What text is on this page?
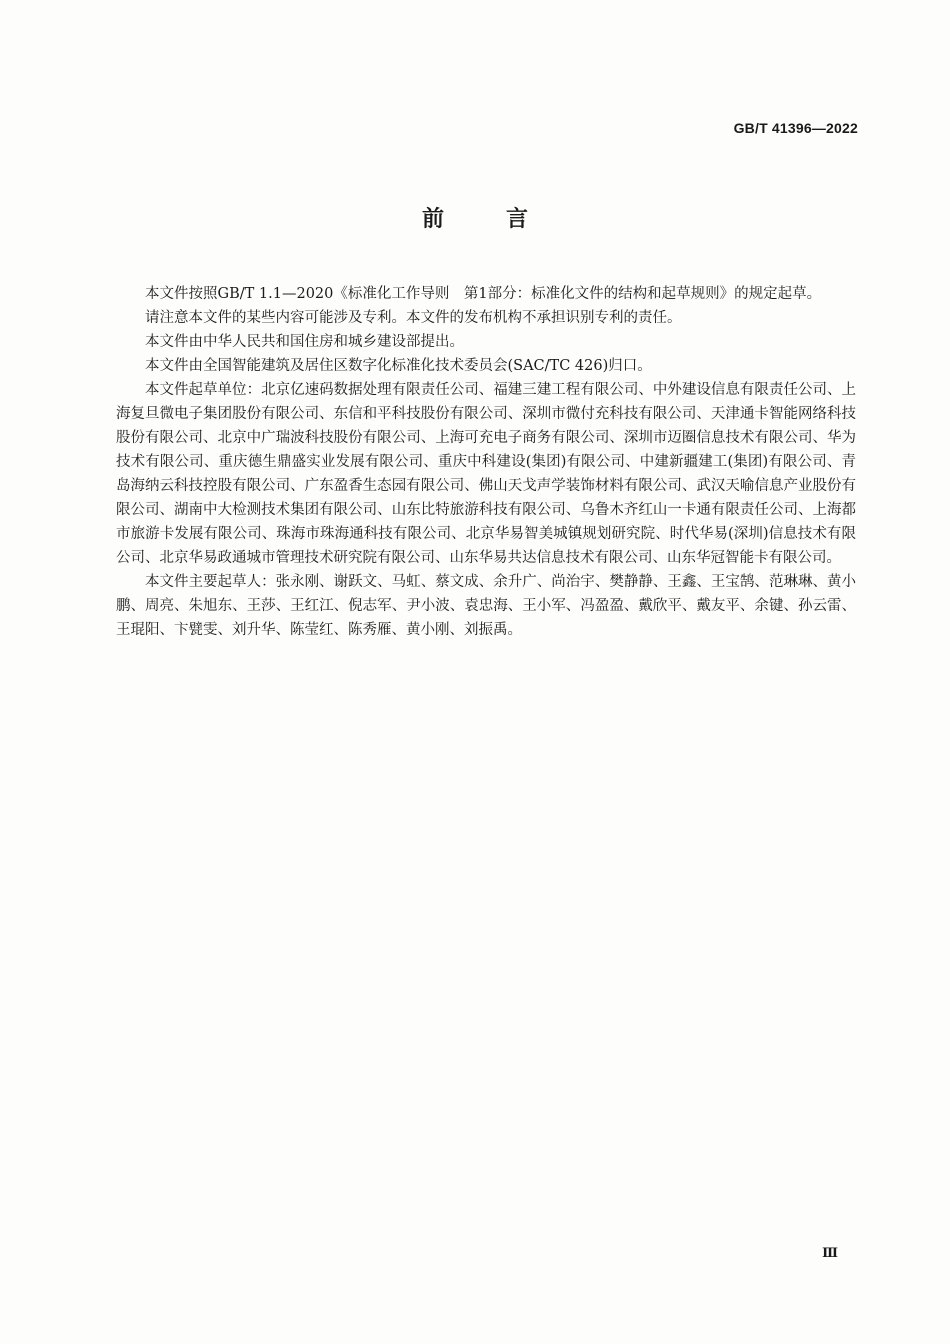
GB/T 41396—2022
前言

本文件按照GB/T 1.1—2020《标准化工作导则　第1部分：标准化文件的结构和起草规则》的规定起草。

请注意本文件的某些内容可能涉及专利。本文件的发布机构不承担识别专利的责任。

本文件由中华人民共和国住房和城乡建设部提出。

本文件由全国智能建筑及居住区数字化标准化技术委员会(SAC/TC 426)归口。

本文件起草单位：北京亿速码数据处理有限责任公司、福建三建工程有限公司、中外建设信息有限责任公司、上海复旦微电子集团股份有限公司、东信和平科技股份有限公司、深圳市微付充科技有限公司、天津通卡智能网络科技股份有限公司、北京中广瑞波科技股份有限公司、上海可充电子商务有限公司、深圳市迈圈信息技术有限公司、华为技术有限公司、重庆德生鼎盛实业发展有限公司、重庆中科建设(集团)有限公司、中建新疆建工(集团)有限公司、青岛海纳云科技控股有限公司、广东盈香生态园有限公司、佛山天戈声学装饰材料有限公司、武汉天喻信息产业股份有限公司、湖南中大检测技术集团有限公司、山东比特旅游科技有限公司、乌鲁木齐红山一卡通有限责任公司、上海都市旅游卡发展有限公司、珠海市珠海通科技有限公司、北京华易智美城镇规划研究院、时代华易(深圳)信息技术有限公司、北京华易政通城市管理技术研究院有限公司、山东华易共达信息技术有限公司、山东华冠智能卡有限公司。

本文件主要起草人：张永刚、谢跃文、马虹、蔡文成、余升广、尚治宇、樊静静、王鑫、王宝鹄、范琳琳、黄小鹏、周亮、朱旭东、王莎、王红江、倪志军、尹小波、袁忠海、王小军、冯盈盈、戴欣平、戴友平、余键、孙云雷、王琨阳、卞甓雯、刘升华、陈莹红、陈秀雁、黄小刚、刘振禹。

Ⅲ
